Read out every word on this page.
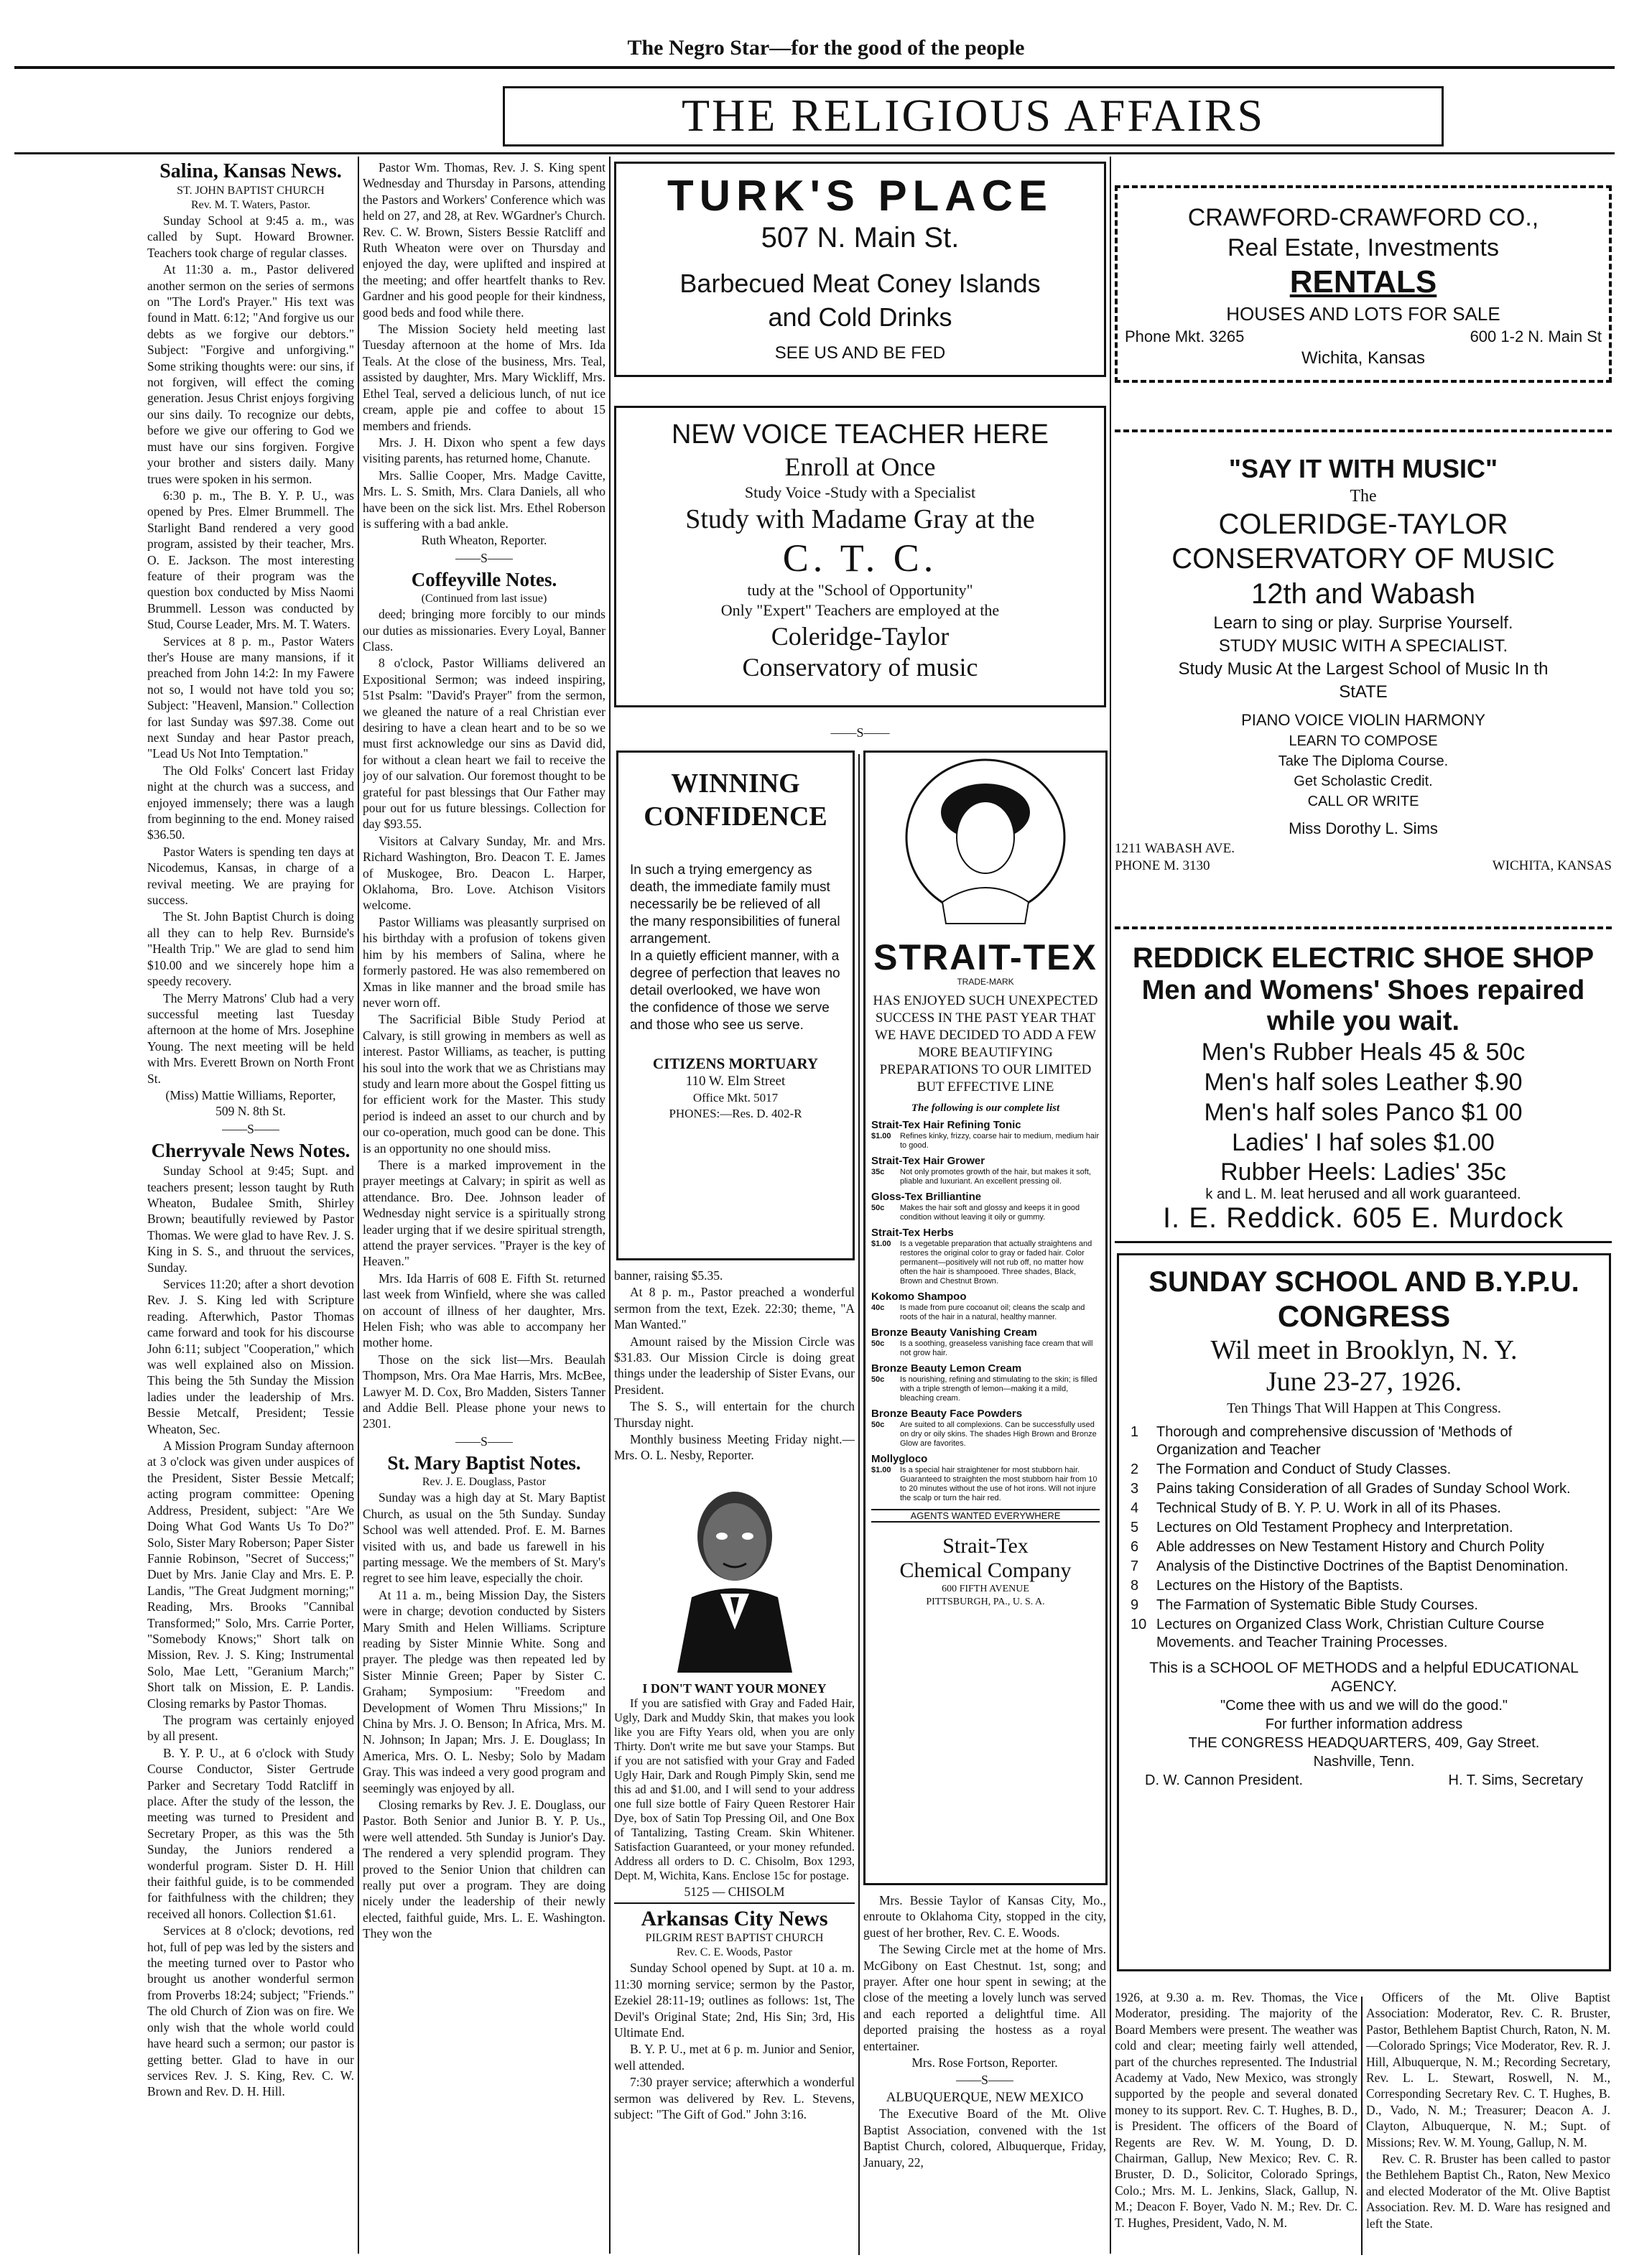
The Negro Star—for the good of the people
THE RELIGIOUS AFFAIRS
Salina, Kansas News.
ST. JOHN BAPTIST CHURCH
Rev. M. T. Waters, Pastor.

Sunday School at 9:45 a. m., was called by Supt. Howard Browner. Teachers took charge of regular classes.

At 11:30 a. m., Pastor delivered another sermon on the series of sermons on "The Lord's Prayer." His text was found in Matt. 6:12; "And forgive us our debts as we forgive our debtors." Subject: "Forgive and unforgiving." Some striking thoughts were: our sins, if not forgiven, will effect the coming generation. Jesus Christ enjoys forgiving our sins daily. To recognize our debts, before we give our offering to God we must have our sins forgiven. Forgive your brother and sisters daily. Many trues were spoken in his sermon.

6:30 p. m., The B. Y. P. U., was opened by Pres. Elmer Brummell. The Starlight Band rendered a very good program, assisted by their teacher, Mrs. O. E. Jackson. The most interesting feature of their program was the question box conducted by Miss Naomi Brummell. Lesson was conducted by Stud, Course Leader, Mrs. M. T. Waters.

Services at 8 p. m., Pastor Waters ther's House are many mansions, if it preached from John 14:2: In my Fawere not so, I would not have told you so; Subject: "Heavenl, Mansion." Collection for last Sunday was $97.38. Come out next Sunday and hear Pastor preach, "Lead Us Not Into Temptation."

The Old Folks' Concert last Friday night at the church was a success, and enjoyed immensely; there was a laugh from beginning to the end. Money raised $36.50.

Pastor Waters is spending ten days at Nicodemus, Kansas, in charge of a revival meeting. We are praying for success.

The St. John Baptist Church is doing all they can to help Rev. Burnside's "Health Trip." We are glad to send him $10.00 and we sincerely hope him a speedy recovery.

The Merry Matrons' Club had a very successful meeting last Tuesday afternoon at the home of Mrs. Josephine Young. The next meeting will be held with Mrs. Everett Brown on North Front St.

(Miss) Mattie Williams, Reporter,
509 N. 8th St.
——S——
Cherryvale News Notes.

Sunday School at 9:45; Supt. and teachers present; lesson taught by Ruth Wheaton, Budalee Smith, Shirley Brown; beautifully reviewed by Pastor Thomas. We were glad to have Rev. J. S. King in S. S., and thruout the services, Sunday.

Services 11:20; after a short devotion Rev. J. S. King led with Scripture reading. Afterwhich, Pastor Thomas came forward and took for his discourse John 6:11; subject "Cooperation," which was well explained also on Mission. This being the 5th Sunday the Mission ladies under the leadership of Mrs. Bessie Metcalf, President; Tessie Wheaton, Sec.

A Mission Program Sunday afternoon at 3 o'clock was given under auspices of the President, Sister Bessie Metcalf; acting program committee: Opening Address, President, subject: "Are We Doing What God Wants Us To Do?" Solo, Sister Mary Roberson; Paper Sister Fannie Robinson, "Secret of Success;" Duet by Mrs. Janie Clay and Mrs. E. P. Landis, "The Great Judgment morning;" Reading, Mrs. Brooks "Cannibal Transformed;" Solo, Mrs. Carrie Porter, "Somebody Knows;" Short talk on Mission, Rev. J. S. King; Instrumental Solo, Mae Lett, "Geranium March;" Short talk on Mission, E. P. Landis. Closing remarks by Pastor Thomas.

The program was certainly enjoyed by all present.

B. Y. P. U., at 6 o'clock with Study Course Conductor, Sister Gertrude Parker and Secretary Todd Ratcliff in place. After the study of the lesson, the meeting was turned to President and Secretary Proper, as this was the 5th Sunday, the Juniors rendered a wonderful program. Sister D. H. Hill their faithful guide, is to be commended for faithfulness with the children; they received all honors. Collection $1.61.

Services at 8 o'clock; devotions, red hot, full of pep was led by the sisters and the meeting turned over to Pastor who brought us another wonderful sermon from Proverbs 18:24; subject; "Friends." The old Church of Zion was on fire. We only wish that the whole world could have heard such a sermon; our pastor is getting better. Glad to have in our services Rev. J. S. King, Rev. C. W. Brown and Rev. D. H. Hill.

Pastor Wm. Thomas, Rev. J. S. King spent Wednesday and Thursday in Parsons, attending the Pastors and Workers' Conference which was held on 27, and 28, at Rev. WGardner's Church. Rev. C. W. Brown, Sisters Bessie Ratcliff and Ruth Wheaton were over on Thursday and enjoyed the day, were uplifted and inspired at the meeting; and offer heartfelt thanks to Rev. Gardner and his good people for their kindness, good beds and food while there.

The Mission Society held meeting last Tuesday afternoon at the home of Mrs. Ida Teals. At the close of the business, Mrs. Teal, assisted by daughter, Mrs. Mary Wickliff, Mrs. Ethel Teal, served a delicious lunch, of nut ice cream, apple pie and coffee to about 15 members and friends.

Mrs. J. H. Dixon who spent a few days visiting parents, has returned home, Chanute.

Mrs. Sallie Cooper, Mrs. Madge Cavitte, Mrs. L. S. Smith, Mrs. Clara Daniels, all who have been on the sick list. Mrs. Ethel Roberson is suffering with a bad ankle.

Ruth Wheaton, Reporter.
——S——
Coffeyville Notes.
(Continued from last issue)

deed; bringing more forcibly to our minds our duties as missionaries. Every Loyal, Banner Class.

8 o'clock, Pastor Williams delivered an Expositional Sermon; was indeed inspiring, 51st Psalm: "David's Prayer" from the sermon, we gleaned the nature of a real Christian ever desiring to have a clean heart and to be so we must first acknowledge our sins as David did, for without a clean heart we fail to receive the joy of our salvation. Our foremost thought to be grateful for past blessings that Our Father may pour out for us future blessings. Collection for day $93.55.

Visitors at Calvary Sunday, Mr. and Mrs. Richard Washington, Bro. Deacon T. E. James of Muskogee, Bro. Deacon L. Harper, Oklahoma, Bro. Love. Atchison Visitors welcome.

Pastor Williams was pleasantly surprised on his birthday with a profusion of tokens given him by his members of Salina, where he formerly pastored. He was also remembered on Xmas in like manner and the broad smile has never worn off.

The Sacrificial Bible Study Period at Calvary, is still growing in members as well as interest. Pastor Williams, as teacher, is putting his soul into the work that we as Christians may study and learn more about the Gospel fitting us for efficient work for the Master. This study period is indeed an asset to our church and by our co-operation, much good can be done. This is an opportunity no one should miss.

There is a marked improvement in the prayer meetings at Calvary; in spirit as well as attendance. Bro. Dee. Johnson leader of Wednesday night service is a spiritually strong leader urging that if we desire spiritual strength, attend the prayer services. "Prayer is the key of Heaven."

Mrs. Ida Harris of 608 E. Fifth St. returned last week from Winfield, where she was called on account of illness of her daughter, Mrs. Helen Fish; who was able to accompany her mother home.

Those on the sick list—Mrs. Beaulah Thompson, Mrs. Ora Mae Harris, Mrs. McBee, Lawyer M. D. Cox, Bro Madden, Sisters Tanner and Addie Bell. Please phone your news to 2301.

——S——
St. Mary Baptist Notes.
Rev. J. E. Douglass, Pastor

Sunday was a high day at St. Mary Baptist Church, as usual on the 5th Sunday. Sunday School was well attended. Prof. E. M. Barnes visited with us, and bade us farewell in his parting message. We the members of St. Mary's regret to see him leave, especially the choir.

At 11 a. m., being Mission Day, the Sisters were in charge; devotion conducted by Sisters Mary Smith and Helen Williams. Scripture reading by Sister Minnie White. Song and prayer. The pledge was then repeated led by Sister Minnie Green; Paper by Sister C. Graham; Symposium: "Freedom and Development of Women Thru Missions;" In China by Mrs. J. O. Benson; In Africa, Mrs. M. N. Johnson; In Japan; Mrs. J. E. Douglass; In America, Mrs. O. L. Nesby; Solo by Madam Gray. This was indeed a very good program and seemingly was enjoyed by all.

Closing remarks by Rev. J. E. Douglass, our Pastor. Both Senior and Junior B. Y. P. Us., were well attended. 5th Sunday is Junior's Day. The rendered a very splendid program. They proved to the Senior Union that children can really put over a program. They are doing nicely under the leadership of their newly elected, faithful guide, Mrs. L. E. Washington. They won the

TURK'S PLACE
507 N. Main St.
Barbecued Meat Coney Islands
and Cold Drinks
SEE US AND BE FED
NEW VOICE TEACHER HERE
Enroll at Once
Study Voice -Study with a Specialist
Study with Madame Gray at the
C. T. C.
tudy at the "School of Opportunity"
Only "Expert" Teachers are employed at the
Coleridge-Taylor
Conservatory of music
——S——
WINNING
CONFIDENCE
In such a trying emergency as death, the immediate family must necessarily be be relieved of all the many responsibilities of funeral arrangement.
In a quietly efficient manner, with a degree of perfection that leaves no detail overlooked, we have won the confidence of those we serve and those who see us serve.
CITIZENS MORTUARY
110 W. Elm Street
Office Mkt. 5017
PHONES:—Res. D. 402-R

banner, raising $5.35.

At 8 p. m., Pastor preached a wonderful sermon from the text, Ezek. 22:30; theme, "A Man Wanted."

Amount raised by the Mission Circle was $31.83. Our Mission Circle is doing great things under the leadership of Sister Evans, our President.

The S. S., will entertain for the church Thursday night.

Monthly business Meeting Friday night.—Mrs. O. L. Nesby, Reporter.

I DON'T WANT YOUR MONEY

If you are satisfied with Gray and Faded Hair, Ugly, Dark and Muddy Skin, that makes you look like you are Fifty Years old, when you are only Thirty. Don't write me but save your Stamps. But if you are not satisfied with your Gray and Faded Ugly Hair, Dark and Rough Pimply Skin, send me this ad and $1.00, and I will send to your address one full size bottle of Fairy Queen Restorer Hair Dye, box of Satin Top Pressing Oil, and One Box of Tantalizing, Tasting Cream. Skin Whitener. Satisfaction Guaranteed, or your money refunded. Address all orders to D. C. Chisolm, Box 1293, Dept. M, Wichita, Kans. Enclose 15c for postage.

5125 — CHISOLM
Arkansas City News
PILGRIM REST BAPTIST CHURCH
Rev. C. E. Woods, Pastor

Sunday School opened by Supt. at 10 a. m. 11:30 morning service; sermon by the Pastor, Ezekiel 28:11-19; outlines as follows: 1st, The Devil's Original State; 2nd, His Sin; 3rd, His Ultimate End.

B. Y. P. U., met at 6 p. m. Junior and Senior, well attended.

7:30 prayer service; afterwhich a wonderful sermon was delivered by Rev. L. Stevens, subject: "The Gift of God." John 3:16.

STRAIT-TEX
TRADE-MARK
HAS ENJOYED SUCH UNEXPECTED SUCCESS IN THE PAST YEAR THAT WE HAVE DECIDED TO ADD A FEW MORE BEAUTIFYING PREPARATIONS TO OUR LIMITED BUT EFFECTIVE LINE
The following is our complete list
Strait-Tex Hair Refining Tonic
$1.00	Refines kinky, frizzy, coarse hair to medium, medium hair to good.
Strait-Tex Hair Grower
35c	Not only promotes growth of the hair, but makes it soft, pliable and luxuriant. An excellent pressing oil.
Gloss-Tex Brilliantine
50c	Makes the hair soft and glossy and keeps it in good condition without leaving it oily or gummy.
Strait-Tex Herbs
$1.00	Is a vegetable preparation that actually straightens and restores the original color to gray or faded hair. Color permanent—positively will not rub off, no matter how often the hair is shampooed. Three shades, Black, Brown and Chestnut Brown.
Kokomo Shampoo
40c	Is made from pure cocoanut oil; cleans the scalp and roots of the hair in a natural, healthy manner.
Bronze Beauty Vanishing Cream
50c	Is a soothing, greaseless vanishing face cream that will not grow hair.
Bronze Beauty Lemon Cream
50c	Is nourishing, refining and stimulating to the skin; is filled with a triple strength of lemon—making it a mild, bleaching cream.
Bronze Beauty Face Powders
50c	Are suited to all complexions. Can be successfully used on dry or oily skins. The shades High Brown and Bronze Glow are favorites.
Mollygloco
$1.00	Is a special hair straightener for most stubborn hair. Guaranteed to straighten the most stubborn hair from 10 to 20 minutes without the use of hot irons. Will not injure the scalp or turn the hair red.
AGENTS WANTED EVERYWHERE
Strait-Tex
Chemical Company
600 FIFTH AVENUE
PITTSBURGH, PA., U. S. A.

Mrs. Bessie Taylor of Kansas City, Mo., enroute to Oklahoma City, stopped in the city, guest of her brother, Rev. C. E. Woods.

The Sewing Circle met at the home of Mrs. McGibony on East Chestnut. 1st, song; and prayer. After one hour spent in sewing; at the close of the meeting a lovely lunch was served and each reported a delightful time. All deported praising the hostess as a royal entertainer.

Mrs. Rose Fortson, Reporter.
——S——
ALBUQUERQUE, NEW MEXICO

The Executive Board of the Mt. Olive Baptist Association, convened with the 1st Baptist Church, colored, Albuquerque, Friday, January, 22,

CRAWFORD-CRAWFORD CO.,
Real Estate, Investments
RENTALS
HOUSES AND LOTS FOR SALE
Phone Mkt. 3265	600 1-2 N. Main St
Wichita, Kansas
"SAY IT WITH MUSIC"
The
COLERIDGE-TAYLOR
CONSERVATORY OF MUSIC
12th and Wabash
Learn to sing or play. Surprise Yourself.
STUDY MUSIC WITH A SPECIALIST.
Study Music At the Largest School of Music In th
StATE
PIANO VOICE VIOLIN HARMONY
LEARN TO COMPOSE
Take The Diploma Course.
Get Scholastic Credit.
CALL OR WRITE
Miss Dorothy L. Sims
1211 WABASH AVE.
PHONE M. 3130	WICHITA, KANSAS
REDDICK ELECTRIC SHOE SHOP
Men and Womens' Shoes repaired
while you wait.
Men's Rubber Heals 45 & 50c
Men's half soles Leather $.90
Men's half soles Panco $1 00
Ladies' I haf soles $1.00
Rubber Heels: Ladies' 35c
k and L. M. leat herused and all work guaranteed.
I. E. Reddick. 605 E. Murdock
SUNDAY SCHOOL AND B.Y.P.U.
CONGRESS
Wil meet in Brooklyn, N. Y.
June 23-27, 1926.
Ten Things That Will Happen at This Congress.
1	Thorough and comprehensive discussion of 'Methods of Organization and Teacher
2	The Formation and Conduct of Study Classes.
3	Pains taking Consideration of all Grades of Sunday School Work.
4	Technical Study of B. Y. P. U. Work in all of its Phases.
5	Lectures on Old Testament Prophecy and Interpretation.
6	Able addresses on New Testament History and Church Polity
7	Analysis of the Distinctive Doctrines of the Baptist Denomination.
8	Lectures on the History of the Baptists.
9	The Farmation of Systematic Bible Study Courses.
10 Lectures on Organized Class Work, Christian Culture Course Movements. and Teacher Training Processes.
This is a SCHOOL OF METHODS and a helpful EDUCATIONAL AGENCY.
"Come thee with us and we will do the good."
For further information address
THE CONGRESS HEADQUARTERS, 409, Gay Street.
Nashville, Tenn.
D. W. Cannon President.	H. T. Sims, Secretary

1926, at 9.30 a. m. Rev. Thomas, the Vice Moderator, presiding. The majority of the Board Members were present. The weather was cold and clear; meeting fairly well attended, part of the churches represented. The Industrial Academy at Vado, New Mexico, was strongly supported by the people and several donated money to its support. Rev. C. T. Hughes, B. D., is President. The officers of the Board of Regents are Rev. W. M. Young, D. D. Chairman, Gallup, New Mexico; Rev. C. R. Bruster, D. D., Solicitor, Colorado Springs, Colo.; Mrs. M. L. Jenkins, Slack, Gallup, N. M.; Deacon F. Boyer, Vado N. M.; Rev. Dr. C. T. Hughes, President, Vado, N. M.

Officers of the Mt. Olive Baptist Association: Moderator, Rev. C. R. Bruster, Pastor, Bethlehem Baptist Church, Raton, N. M.—Colorado Springs; Vice Moderator, Rev. R. J. Hill, Albuquerque, N. M.; Recording Secretary, Rev. L. L. Stewart, Roswell, N. M., Corresponding Secretary Rev. C. T. Hughes, B. D., Vado, N. M.; Treasurer; Deacon A. J. Clayton, Albuquerque, N. M.; Supt. of Missions; Rev. W. M. Young, Gallup, N. M.

Rev. C. R. Bruster has been called to pastor the Bethlehem Baptist Ch., Raton, New Mexico and elected Moderator of the Mt. Olive Baptist Association. Rev. M. D. Ware has resigned and left the State.
